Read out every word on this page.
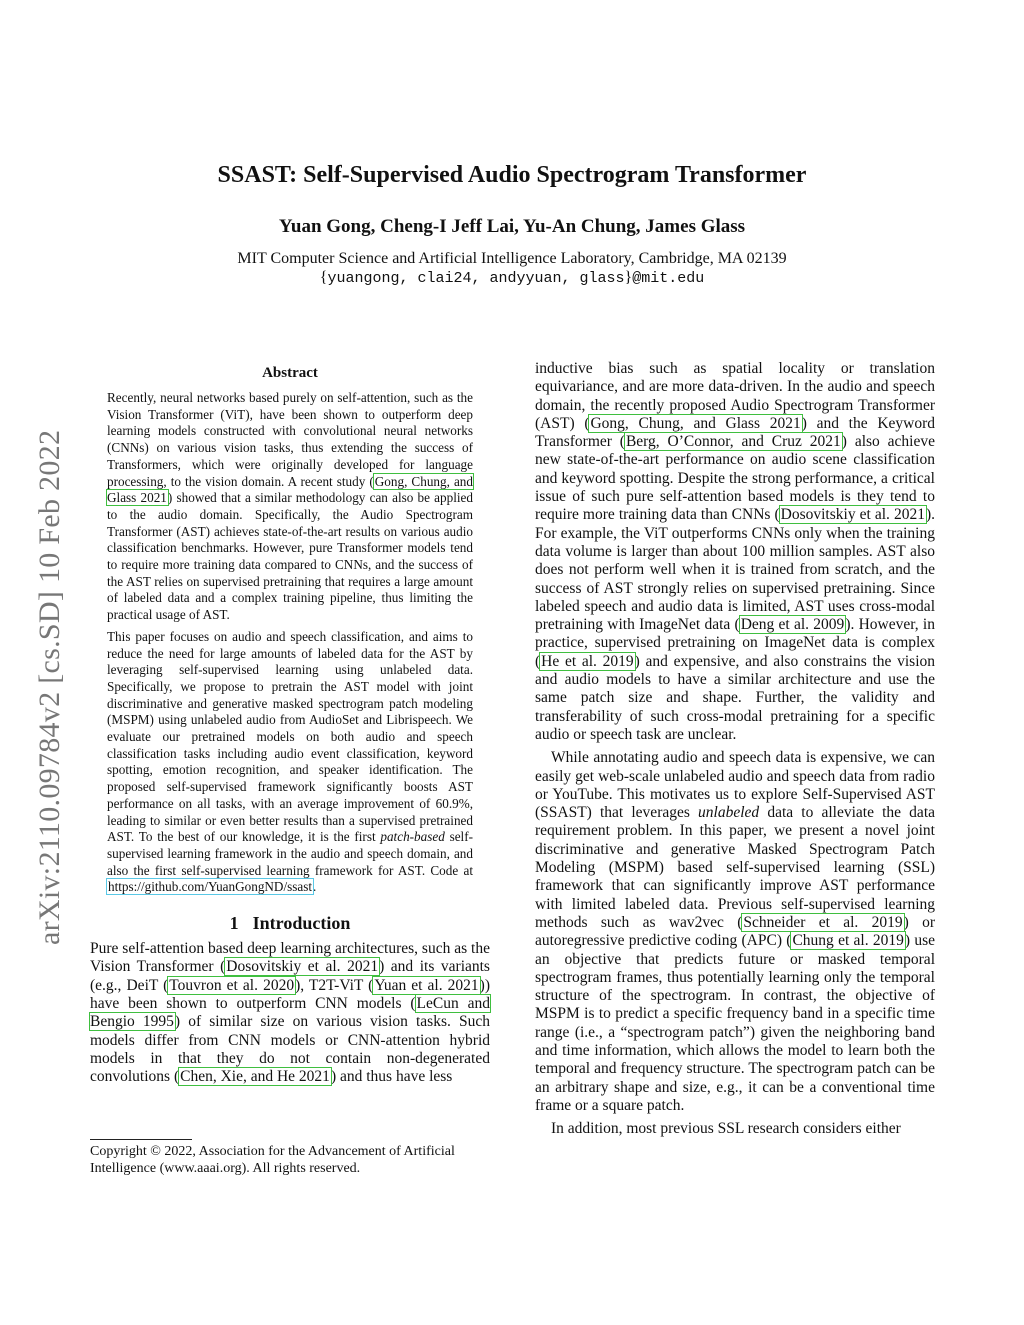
arXiv:2110.09784v2 [cs.SD] 10 Feb 2022
SSAST: Self-Supervised Audio Spectrogram Transformer
Yuan Gong, Cheng-I Jeff Lai, Yu-An Chung, James Glass
MIT Computer Science and Artificial Intelligence Laboratory, Cambridge, MA 02139
{yuangong, clai24, andyyuan, glass}@mit.edu
Abstract

Recently, neural networks based purely on self-attention, such as the Vision Transformer (ViT), have been shown to outperform deep learning models constructed with convolutional neural networks (CNNs) on various vision tasks, thus extending the success of Transformers, which were originally developed for language processing, to the vision domain. A recent study (Gong, Chung, and Glass 2021) showed that a similar methodology can also be applied to the audio domain. Specifically, the Audio Spectrogram Transformer (AST) achieves state-of-the-art results on various audio classification benchmarks. However, pure Transformer models tend to require more training data compared to CNNs, and the success of the AST relies on supervised pretraining that requires a large amount of labeled data and a complex training pipeline, thus limiting the practical usage of AST.

This paper focuses on audio and speech classification, and aims to reduce the need for large amounts of labeled data for the AST by leveraging self-supervised learning using unlabeled data. Specifically, we propose to pretrain the AST model with joint discriminative and generative masked spectrogram patch modeling (MSPM) using unlabeled audio from AudioSet and Librispeech. We evaluate our pretrained models on both audio and speech classification tasks including audio event classification, keyword spotting, emotion recognition, and speaker identification. The proposed self-supervised framework significantly boosts AST performance on all tasks, with an average improvement of 60.9%, leading to similar or even better results than a supervised pretrained AST. To the best of our knowledge, it is the first patch-based self-supervised learning framework in the audio and speech domain, and also the first self-supervised learning framework for AST. Code at https://github.com/YuanGongND/ssast.

1 Introduction

Pure self-attention based deep learning architectures, such as the Vision Transformer (Dosovitskiy et al. 2021) and its variants (e.g., DeiT (Touvron et al. 2020), T2T-ViT (Yuan et al. 2021)) have been shown to outperform CNN models (LeCun and Bengio 1995) of similar size on various vision tasks. Such models differ from CNN models or CNN-attention hybrid models in that they do not contain non-degenerated convolutions (Chen, Xie, and He 2021) and thus have less

Copyright © 2022, Association for the Advancement of Artificial Intelligence (www.aaai.org). All rights reserved.

inductive bias such as spatial locality or translation equivariance, and are more data-driven. In the audio and speech domain, the recently proposed Audio Spectrogram Transformer (AST) (Gong, Chung, and Glass 2021) and the Keyword Transformer (Berg, O’Connor, and Cruz 2021) also achieve new state-of-the-art performance on audio scene classification and keyword spotting. Despite the strong performance, a critical issue of such pure self-attention based models is they tend to require more training data than CNNs (Dosovitskiy et al. 2021). For example, the ViT outperforms CNNs only when the training data volume is larger than about 100 million samples. AST also does not perform well when it is trained from scratch, and the success of AST strongly relies on supervised pretraining. Since labeled speech and audio data is limited, AST uses cross-modal pretraining with ImageNet data (Deng et al. 2009). However, in practice, supervised pretraining on ImageNet data is complex (He et al. 2019) and expensive, and also constrains the vision and audio models to have a similar architecture and use the same patch size and shape. Further, the validity and transferability of such cross-modal pretraining for a specific audio or speech task are unclear.

While annotating audio and speech data is expensive, we can easily get web-scale unlabeled audio and speech data from radio or YouTube. This motivates us to explore Self-Supervised AST (SSAST) that leverages unlabeled data to alleviate the data requirement problem. In this paper, we present a novel joint discriminative and generative Masked Spectrogram Patch Modeling (MSPM) based self-supervised learning (SSL) framework that can significantly improve AST performance with limited labeled data. Previous self-supervised learning methods such as wav2vec (Schneider et al. 2019) or autoregressive predictive coding (APC) (Chung et al. 2019) use an objective that predicts future or masked temporal spectrogram frames, thus potentially learning only the temporal structure of the spectrogram. In contrast, the objective of MSPM is to predict a specific frequency band in a specific time range (i.e., a “spectrogram patch”) given the neighboring band and time information, which allows the model to learn both the temporal and frequency structure. The spectrogram patch can be an arbitrary shape and size, e.g., it can be a conventional time frame or a square patch.

In addition, most previous SSL research considers either
